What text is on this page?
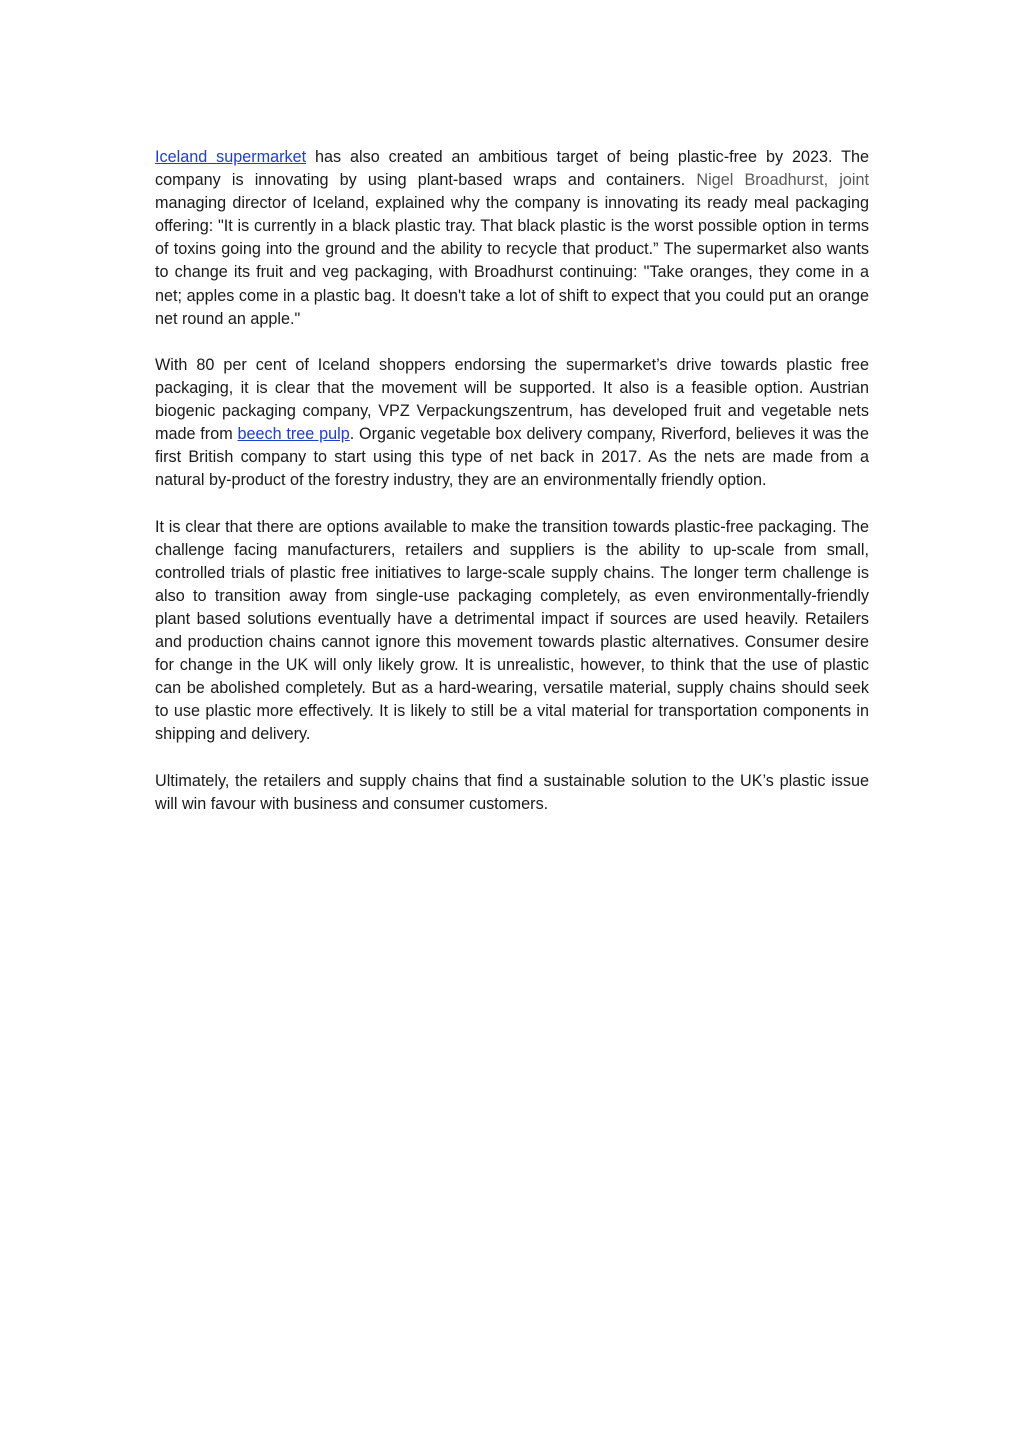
Iceland supermarket has also created an ambitious target of being plastic-free by 2023. The company is innovating by using plant-based wraps and containers. Nigel Broadhurst, joint managing director of Iceland, explained why the company is innovating its ready meal packaging offering: "It is currently in a black plastic tray. That black plastic is the worst possible option in terms of toxins going into the ground and the ability to recycle that product.” The supermarket also wants to change its fruit and veg packaging, with Broadhurst continuing: "Take oranges, they come in a net; apples come in a plastic bag. It doesn't take a lot of shift to expect that you could put an orange net round an apple."

With 80 per cent of Iceland shoppers endorsing the supermarket’s drive towards plastic free packaging, it is clear that the movement will be supported. It also is a feasible option. Austrian biogenic packaging company, VPZ Verpackungszentrum, has developed fruit and vegetable nets made from beech tree pulp. Organic vegetable box delivery company, Riverford, believes it was the first British company to start using this type of net back in 2017. As the nets are made from a natural by-product of the forestry industry, they are an environmentally friendly option.

It is clear that there are options available to make the transition towards plastic-free packaging. The challenge facing manufacturers, retailers and suppliers is the ability to up-scale from small, controlled trials of plastic free initiatives to large-scale supply chains. The longer term challenge is also to transition away from single-use packaging completely, as even environmentally-friendly plant based solutions eventually have a detrimental impact if sources are used heavily. Retailers and production chains cannot ignore this movement towards plastic alternatives. Consumer desire for change in the UK will only likely grow. It is unrealistic, however, to think that the use of plastic can be abolished completely. But as a hard-wearing, versatile material, supply chains should seek to use plastic more effectively. It is likely to still be a vital material for transportation components in shipping and delivery.

Ultimately, the retailers and supply chains that find a sustainable solution to the UK’s plastic issue will win favour with business and consumer customers.
